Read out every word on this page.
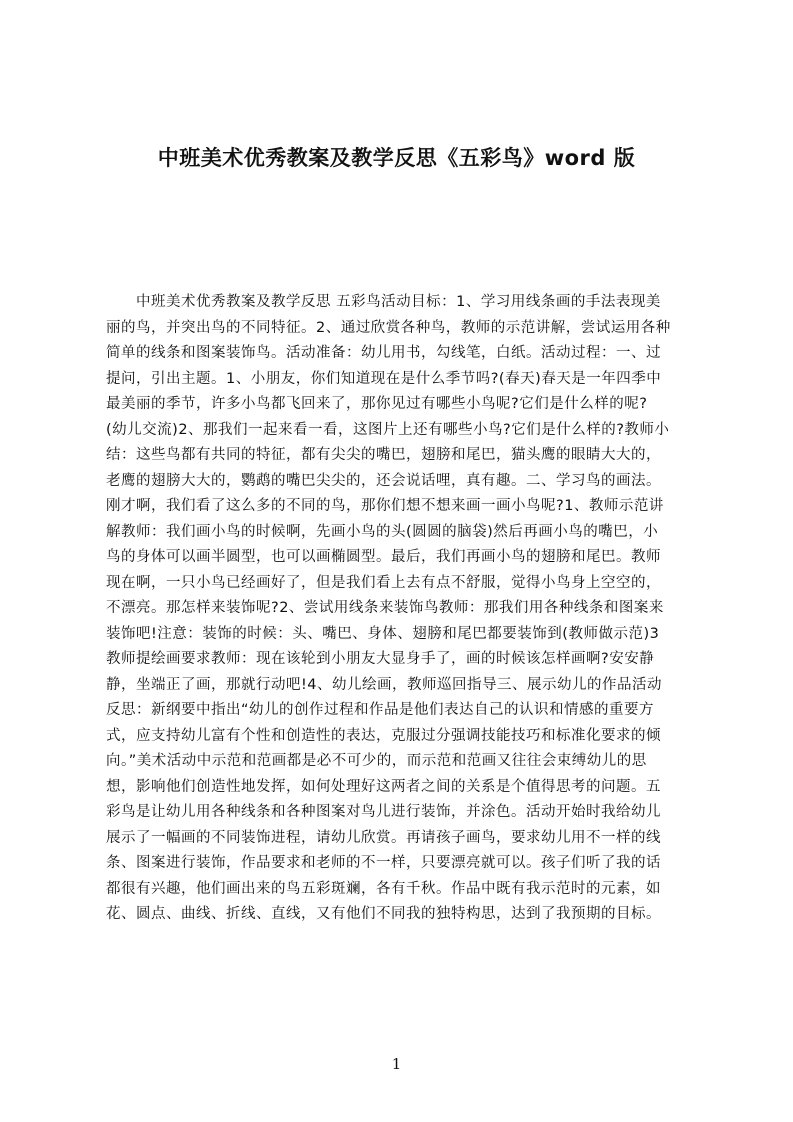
中班美术优秀教案及教学反思《五彩鸟》word 版
　　中班美术优秀教案及教学反思 五彩鸟活动目标：1、学习用线条画的手法表现美
丽的鸟，并突出鸟的不同特征。2、通过欣赏各种鸟，教师的示范讲解，尝试运用各种
简单的线条和图案装饰鸟。活动准备：幼儿用书，勾线笔，白纸。活动过程：一、过
提问，引出主题。1、小朋友，你们知道现在是什么季节吗?(春天)春天是一年四季中
最美丽的季节，许多小鸟都飞回来了，那你见过有哪些小鸟呢?它们是什么样的呢?
(幼儿交流)2、那我们一起来看一看，这图片上还有哪些小鸟?它们是什么样的?教师小
结：这些鸟都有共同的特征，都有尖尖的嘴巴，翅膀和尾巴，猫头鹰的眼睛大大的，
老鹰的翅膀大大的，鹦鹉的嘴巴尖尖的，还会说话哩，真有趣。二、学习鸟的画法。
刚才啊，我们看了这么多的不同的鸟，那你们想不想来画一画小鸟呢?1、教师示范讲
解教师：我们画小鸟的时候啊，先画小鸟的头(圆圆的脑袋)然后再画小鸟的嘴巴，小
鸟的身体可以画半圆型，也可以画椭圆型。最后，我们再画小鸟的翅膀和尾巴。教师
现在啊，一只小鸟已经画好了，但是我们看上去有点不舒服，觉得小鸟身上空空的，
不漂亮。那怎样来装饰呢?2、尝试用线条来装饰鸟教师：那我们用各种线条和图案来
装饰吧!注意：装饰的时候：头、嘴巴、身体、翅膀和尾巴都要装饰到(教师做示范)3
教师提绘画要求教师：现在该轮到小朋友大显身手了，画的时候该怎样画啊?安安静
静，坐端正了画，那就行动吧!4、幼儿绘画，教师巡回指导三、展示幼儿的作品活动
反思：新纲要中指出“幼儿的创作过程和作品是他们表达自己的认识和情感的重要方
式，应支持幼儿富有个性和创造性的表达，克服过分强调技能技巧和标准化要求的倾
向。”美术活动中示范和范画都是必不可少的，而示范和范画又往往会束缚幼儿的思
想，影响他们创造性地发挥，如何处理好这两者之间的关系是个值得思考的问题。五
彩鸟是让幼儿用各种线条和各种图案对鸟儿进行装饰，并涂色。活动开始时我给幼儿
展示了一幅画的不同装饰进程，请幼儿欣赏。再请孩子画鸟，要求幼儿用不一样的线
条、图案进行装饰，作品要求和老师的不一样，只要漂亮就可以。孩子们听了我的话
都很有兴趣，他们画出来的鸟五彩斑斓，各有千秋。作品中既有我示范时的元素，如
花、圆点、曲线、折线、直线，又有他们不同我的独特构思，达到了我预期的目标。

1
